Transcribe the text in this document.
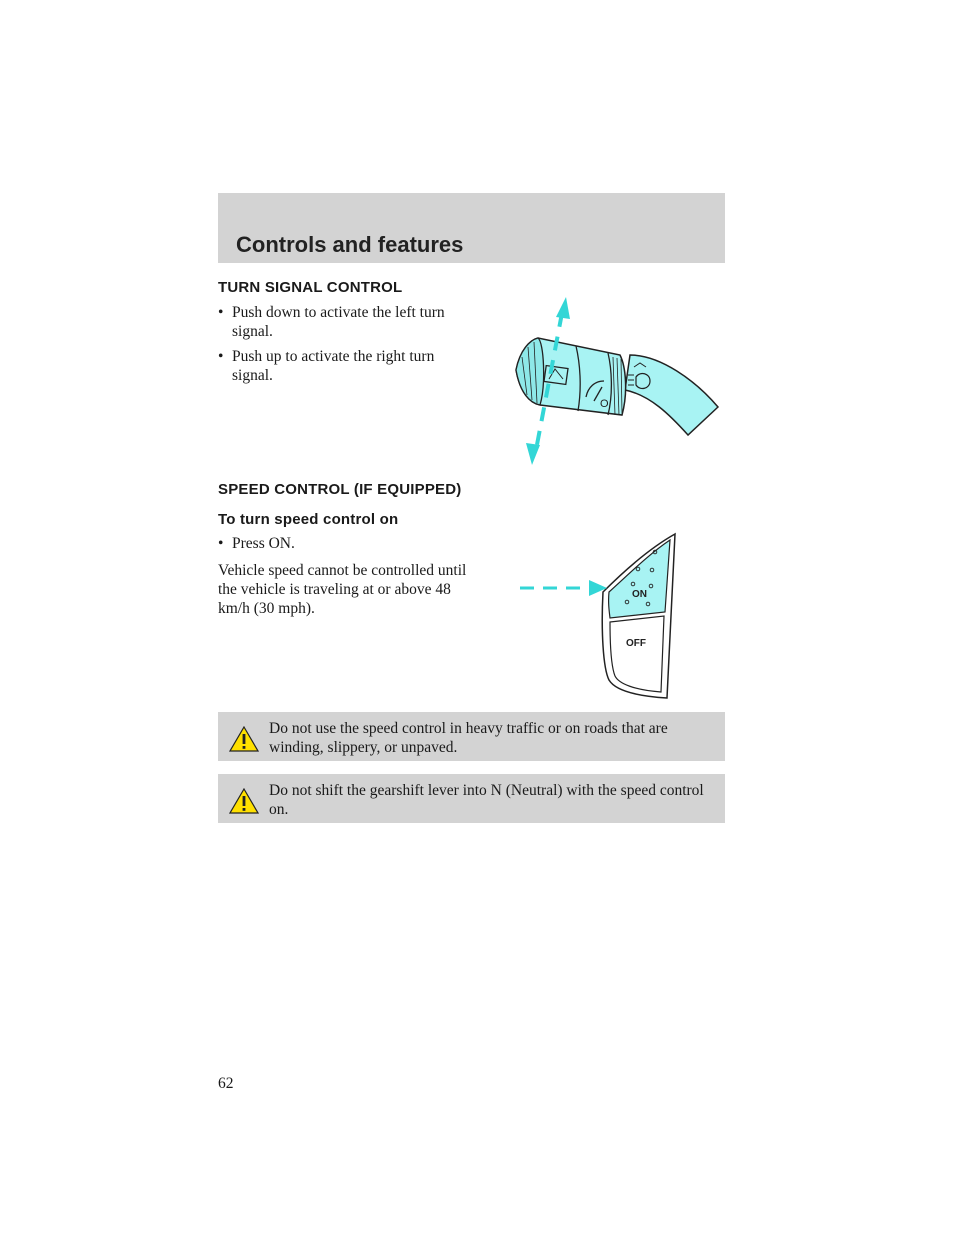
Controls and features
TURN SIGNAL CONTROL
• Push down to activate the left turn signal.
• Push up to activate the right turn signal.
O
SPEED CONTROL (IF EQUIPPED)
To turn speed control on
• Press ON.
Vehicle speed cannot be controlled until the vehicle is traveling at or above 48 km/h (30 mph).
ON
OFF
Do not use the speed control in heavy traffic or on roads that are winding, slippery, or unpaved.
Do not shift the gearshift lever into N (Neutral) with the speed control on.
62
